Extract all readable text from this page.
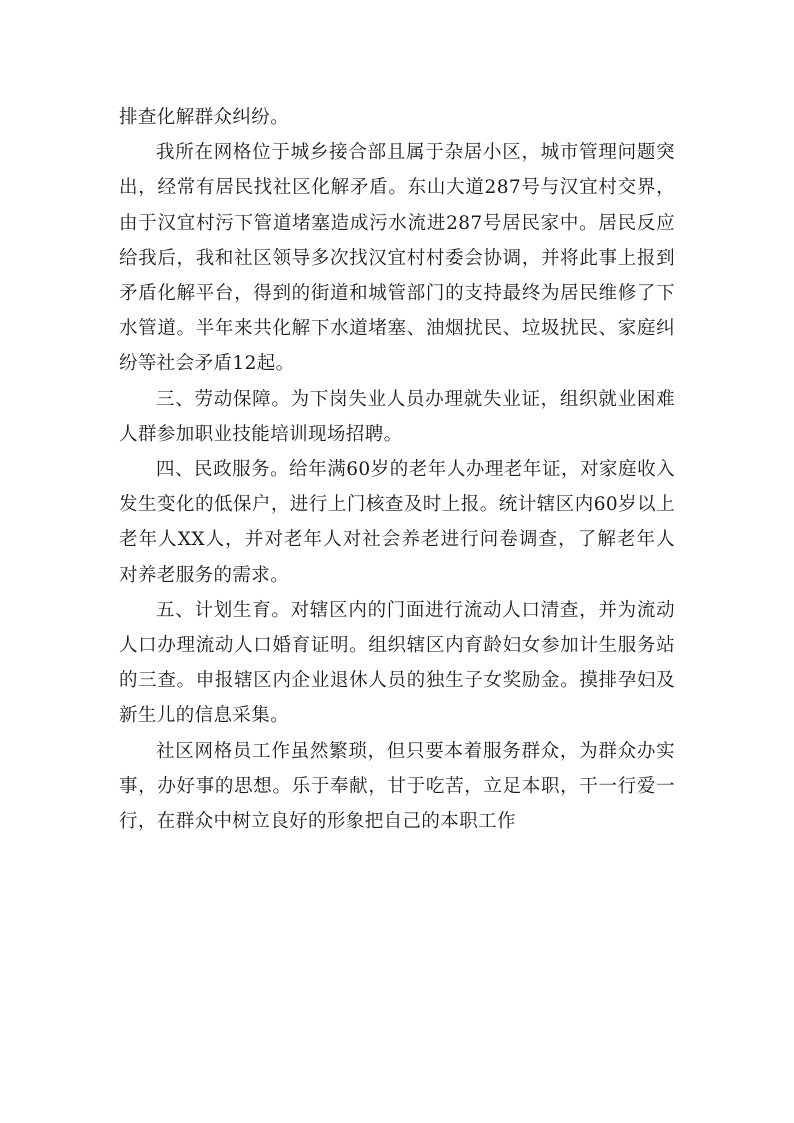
排查化解群众纠纷。

我所在网格位于城乡接合部且属于杂居小区，城市管理问题突出，经常有居民找社区化解矛盾。东山大道287号与汉宜村交界，由于汉宜村污下管道堵塞造成污水流进287号居民家中。居民反应给我后，我和社区领导多次找汉宜村村委会协调，并将此事上报到矛盾化解平台，得到的街道和城管部门的支持最终为居民维修了下水管道。半年来共化解下水道堵塞、油烟扰民、垃圾扰民、家庭纠纷等社会矛盾12起。

三、劳动保障。为下岗失业人员办理就失业证，组织就业困难人群参加职业技能培训现场招聘。

四、民政服务。给年满60岁的老年人办理老年证，对家庭收入发生变化的低保户，进行上门核查及时上报。统计辖区内60岁以上老年人XX人，并对老年人对社会养老进行问卷调查，了解老年人对养老服务的需求。

五、计划生育。对辖区内的门面进行流动人口清查，并为流动人口办理流动人口婚育证明。组织辖区内育龄妇女参加计生服务站的三查。申报辖区内企业退休人员的独生子女奖励金。摸排孕妇及新生儿的信息采集。

社区网格员工作虽然繁琐，但只要本着服务群众，为群众办实事，办好事的思想。乐于奉献，甘于吃苦，立足本职，干一行爱一行，在群众中树立良好的形象把自己的本职工作
